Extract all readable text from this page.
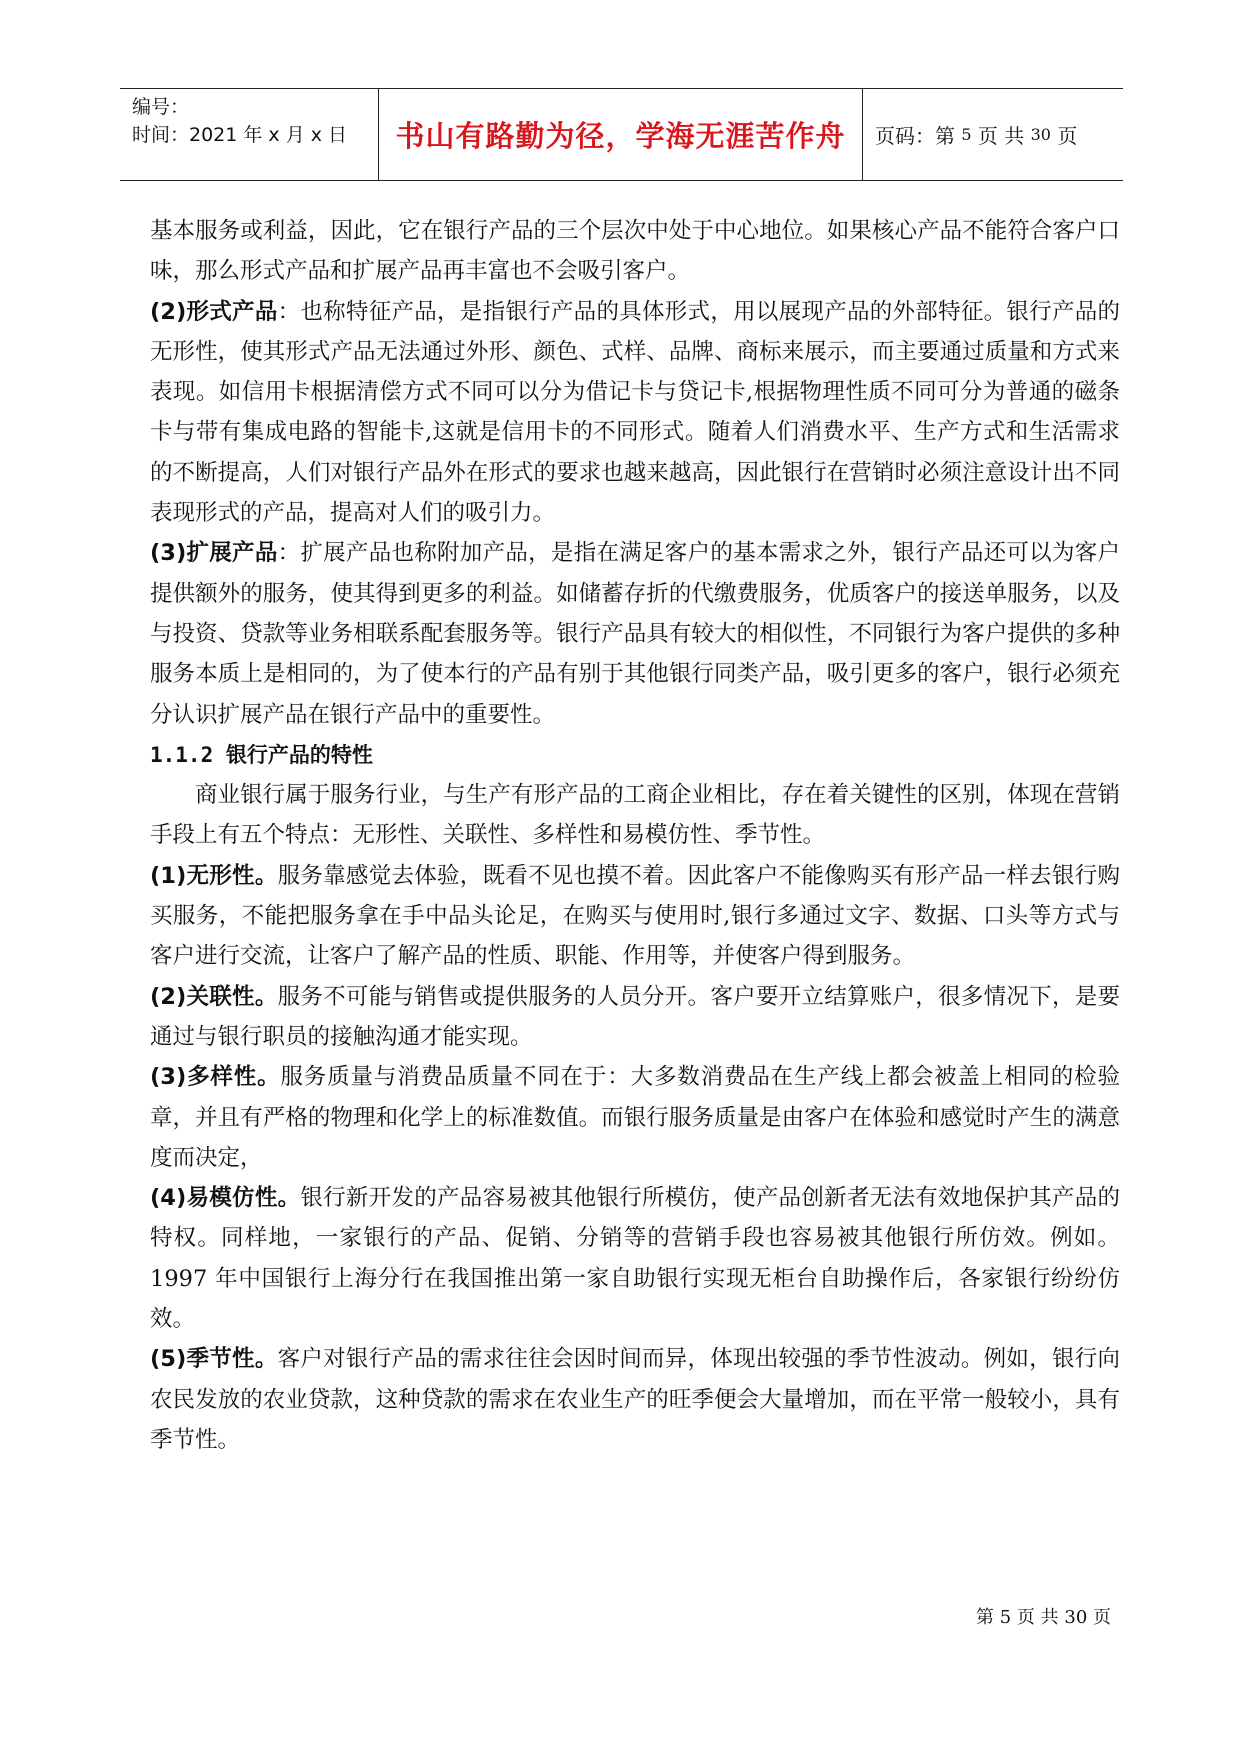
编号：
时间：2021 年 x 月 x 日	书山有路勤为径，学海无涯苦作舟	页码：第
5
页 共
30
页

基本服务或利益，因此，它在银行产品的三个层次中处于中心地位。如果核心产品不能符合客户口味，那么形式产品和扩展产品再丰富也不会吸引客户。

(2)形式产品：也称特征产品，是指银行产品的具体形式，用以展现产品的外部特征。银行产品的无形性，使其形式产品无法通过外形、颜色、式样、品牌、商标来展示，而主要通过质量和方式来表现。如信用卡根据清偿方式不同可以分为借记卡与贷记卡,根据物理性质不同可分为普通的磁条卡与带有集成电路的智能卡,这就是信用卡的不同形式。随着人们消费水平、生产方式和生活需求的不断提高，人们对银行产品外在形式的要求也越来越高，因此银行在营销时必须注意设计出不同表现形式的产品，提高对人们的吸引力。

(3)扩展产品：扩展产品也称附加产品，是指在满足客户的基本需求之外，银行产品还可以为客户提供额外的服务，使其得到更多的利益。如储蓄存折的代缴费服务，优质客户的接送单服务，以及与投资、贷款等业务相联系配套服务等。银行产品具有较大的相似性，不同银行为客户提供的多种服务本质上是相同的，为了使本行的产品有别于其他银行同类产品，吸引更多的客户，银行必须充分认识扩展产品在银行产品中的重要性。

1.1.2 银行产品的特性

商业银行属于服务行业，与生产有形产品的工商企业相比，存在着关键性的区别，体现在营销手段上有五个特点：无形性、关联性、多样性和易模仿性、季节性。

(1)无形性。服务靠感觉去体验，既看不见也摸不着。因此客户不能像购买有形产品一样去银行购买服务，不能把服务拿在手中品头论足，在购买与使用时,银行多通过文字、数据、口头等方式与客户进行交流，让客户了解产品的性质、职能、作用等，并使客户得到服务。

(2)关联性。服务不可能与销售或提供服务的人员分开。客户要开立结算账户，很多情况下，是要通过与银行职员的接触沟通才能实现。

(3)多样性。服务质量与消费品质量不同在于：大多数消费品在生产线上都会被盖上相同的检验章，并且有严格的物理和化学上的标准数值。而银行服务质量是由客户在体验和感觉时产生的满意度而决定，

(4)易模仿性。银行新开发的产品容易被其他银行所模仿，使产品创新者无法有效地保护其产品的特权。同样地，一家银行的产品、促销、分销等的营销手段也容易被其他银行所仿效。例如。1997 年中国银行上海分行在我国推出第一家自助银行实现无柜台自助操作后，各家银行纷纷仿效。

(5)季节性。客户对银行产品的需求往往会因时间而异，体现出较强的季节性波动。例如，银行向农民发放的农业贷款，这种贷款的需求在农业生产的旺季便会大量增加，而在平常一般较小，具有季节性。

第 5 页 共 30 页
